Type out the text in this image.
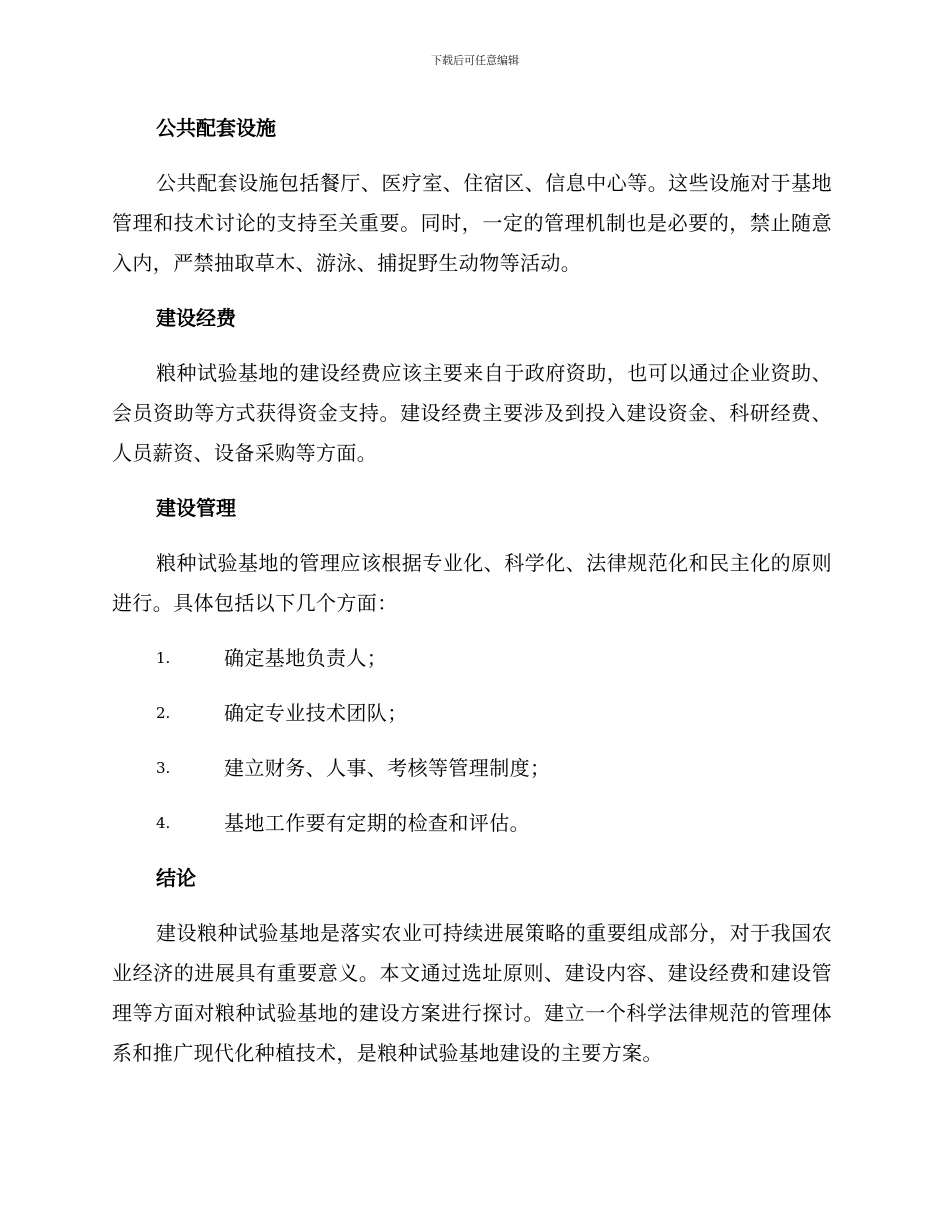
下载后可任意编辑
公共配套设施

公共配套设施包括餐厅、医疗室、住宿区、信息中心等。这些设施对于基地管理和技术讨论的支持至关重要。同时，一定的管理机制也是必要的，禁止随意入内，严禁抽取草木、游泳、捕捉野生动物等活动。

建设经费

粮种试验基地的建设经费应该主要来自于政府资助，也可以通过企业资助、会员资助等方式获得资金支持。建设经费主要涉及到投入建设资金、科研经费、人员薪资、设备采购等方面。

建设管理

粮种试验基地的管理应该根据专业化、科学化、法律规范化和民主化的原则进行。具体包括以下几个方面：

1.	确定基地负责人；
2.	确定专业技术团队；
3.	建立财务、人事、考核等管理制度；
4.	基地工作要有定期的检查和评估。
结论

建设粮种试验基地是落实农业可持续进展策略的重要组成部分，对于我国农业经济的进展具有重要意义。本文通过选址原则、建设内容、建设经费和建设管理等方面对粮种试验基地的建设方案进行探讨。建立一个科学法律规范的管理体系和推广现代化种植技术，是粮种试验基地建设的主要方案。
